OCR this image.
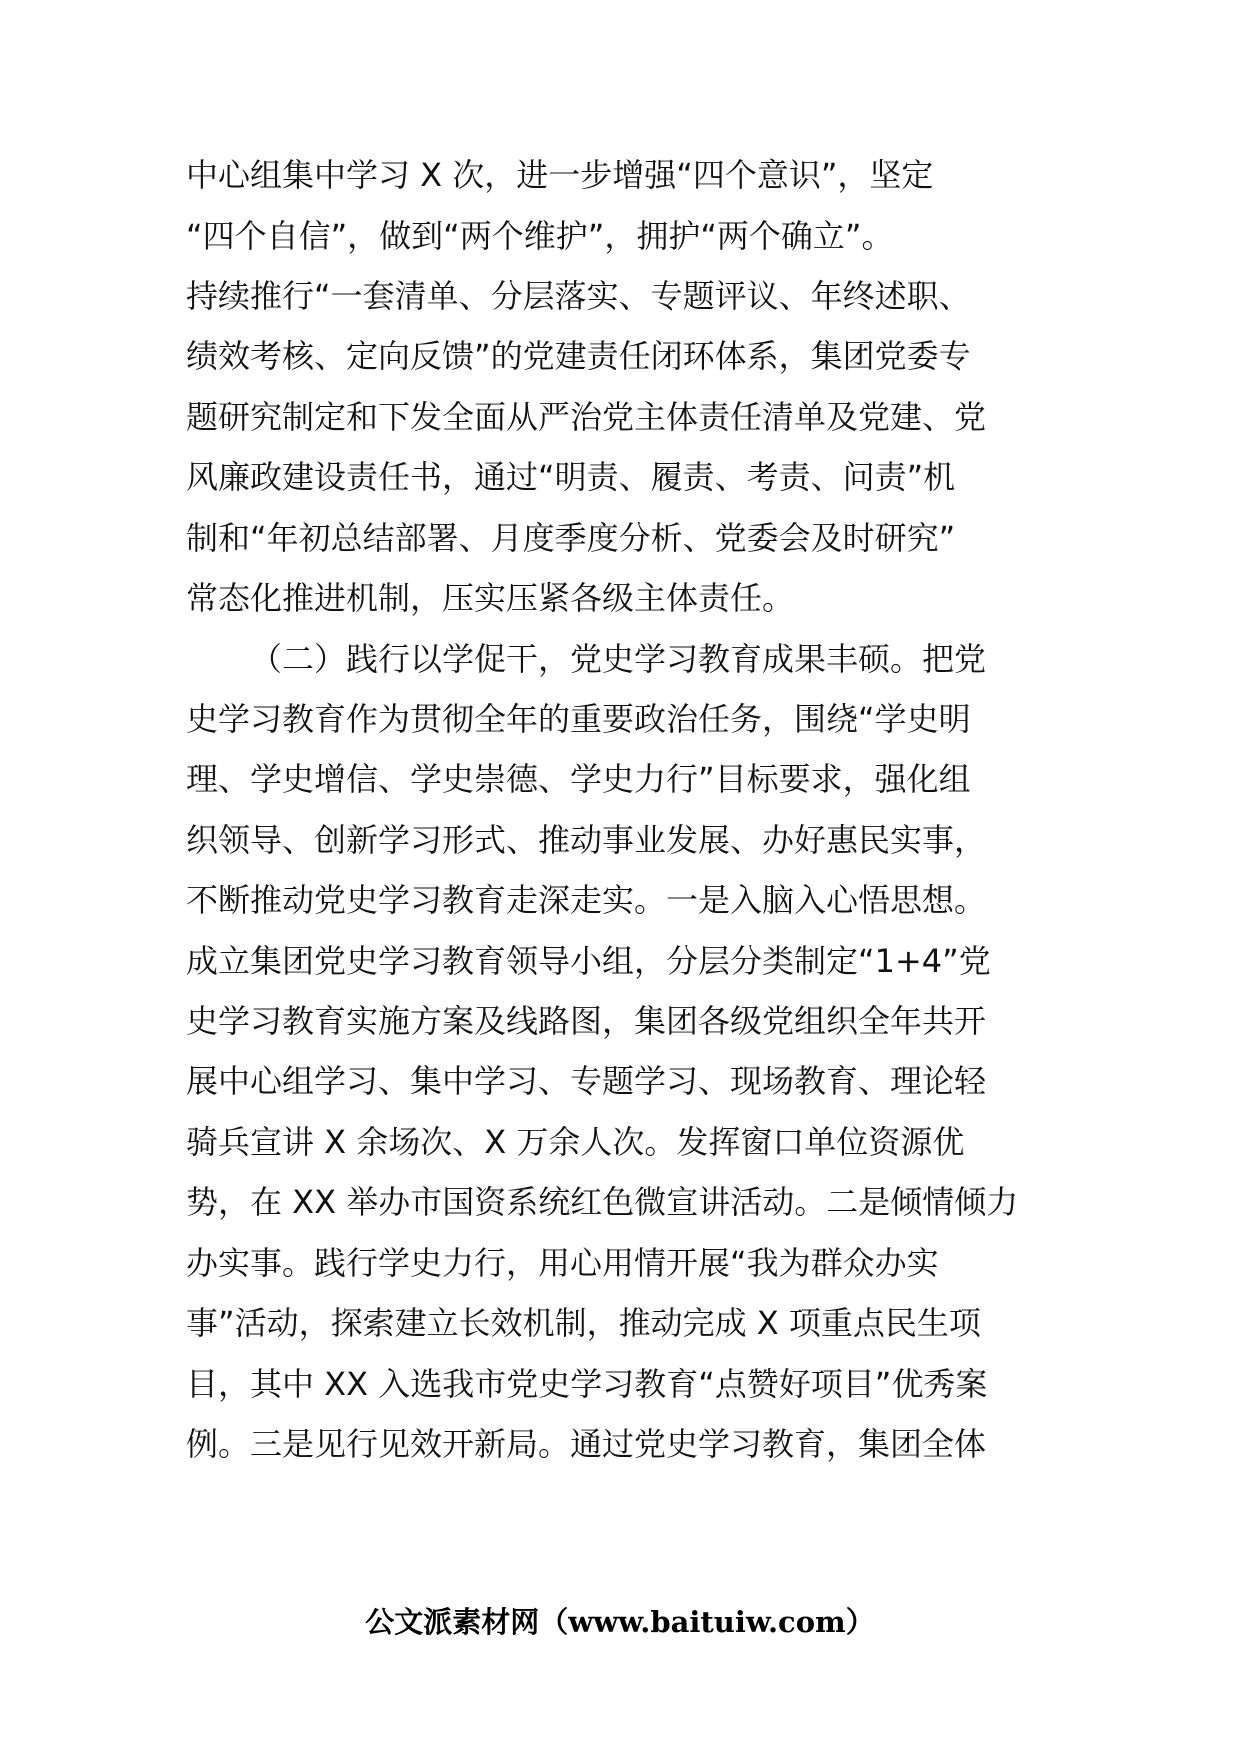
中心组集中学习 X 次，进一步增强“四个意识”，坚定
“四个自信”，做到“两个维护”，拥护“两个确立”。
持续推行“一套清单、分层落实、专题评议、年终述职、
绩效考核、定向反馈”的党建责任闭环体系，集团党委专
题研究制定和下发全面从严治党主体责任清单及党建、党
风廉政建设责任书，通过“明责、履责、考责、问责”机
制和“年初总结部署、月度季度分析、党委会及时研究”
常态化推进机制，压实压紧各级主体责任。
（二）践行以学促干，党史学习教育成果丰硕。把党
史学习教育作为贯彻全年的重要政治任务，围绕“学史明
理、学史增信、学史崇德、学史力行”目标要求，强化组
织领导、创新学习形式、推动事业发展、办好惠民实事，
不断推动党史学习教育走深走实。一是入脑入心悟思想。
成立集团党史学习教育领导小组，分层分类制定“1+4”党
史学习教育实施方案及线路图，集团各级党组织全年共开
展中心组学习、集中学习、专题学习、现场教育、理论轻
骑兵宣讲 X 余场次、X 万余人次。发挥窗口单位资源优
势，在 XX 举办市国资系统红色微宣讲活动。二是倾情倾力
办实事。践行学史力行，用心用情开展“我为群众办实
事”活动，探索建立长效机制，推动完成 X 项重点民生项
目，其中 XX 入选我市党史学习教育“点赞好项目”优秀案
例。三是见行见效开新局。通过党史学习教育，集团全体
公文派素材网（www.baituiw.com）
